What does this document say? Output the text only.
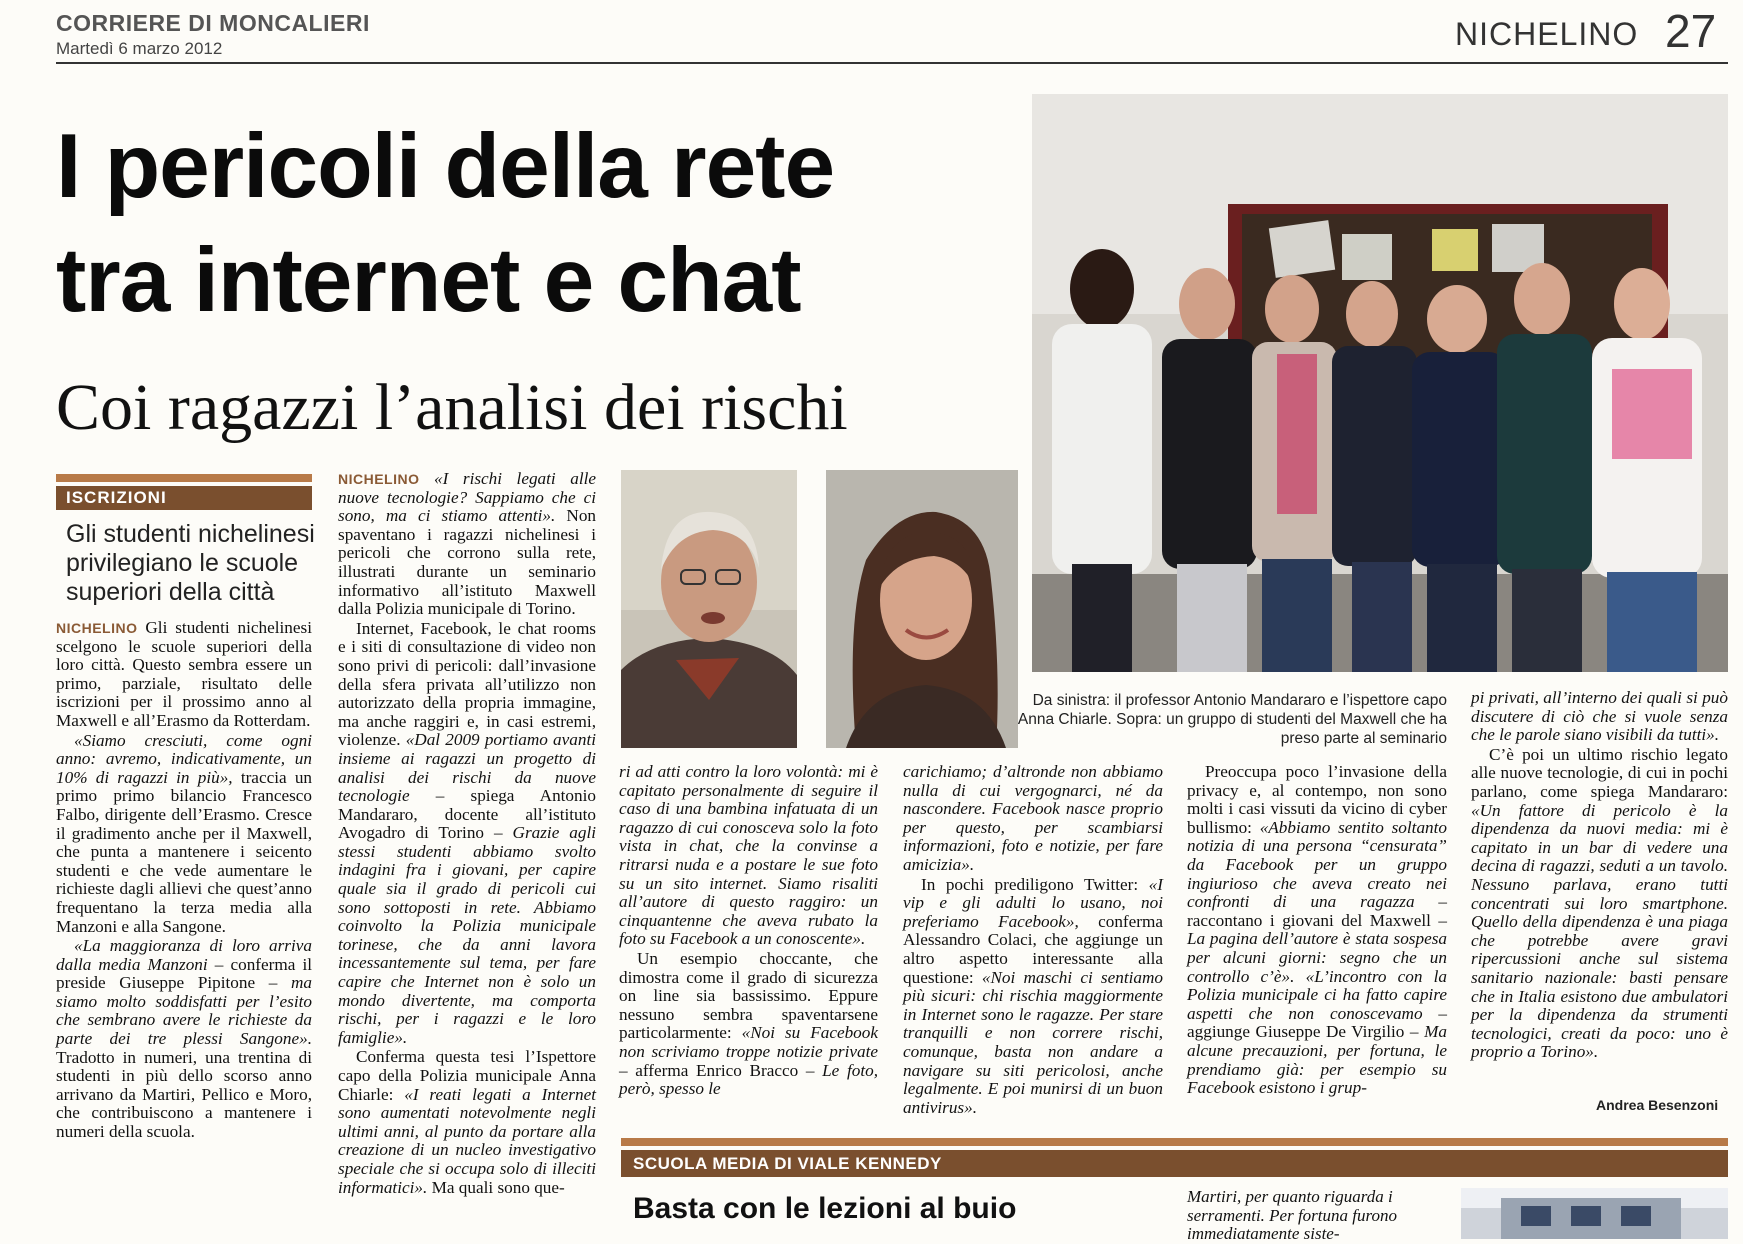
CORRIERE DI MONCALIERI
Martedì 6 marzo 2012	NICHELINO 27
I pericoli della rete
tra internet e chat
Coi ragazzi l’analisi dei rischi
ISCRIZIONI
Gli studenti nichelinesi privilegiano le scuole superiori della città

NICHELINO Gli studenti nichelinesi scelgono le scuole superiori della loro città. Questo sembra essere un primo, parziale, risultato delle iscrizioni per il prossimo anno al Maxwell e all’Erasmo da Rotterdam.

«Siamo cresciuti, come ogni anno: avremo, indicativamente, un 10% di ragazzi in più», traccia un primo primo bilancio Francesco Falbo, dirigente dell’Erasmo. Cresce il gradimento anche per il Maxwell, che punta a mantenere i seicento studenti e che vede aumentare le richieste dagli allievi che quest’anno frequentano la terza media alla Manzoni e alla Sangone.

«La maggioranza di loro arriva dalla media Manzoni – conferma il preside Giuseppe Pipitone – ma siamo molto soddisfatti per l’esito che sembrano avere le richieste da parte dei tre plessi Sangone». Tradotto in numeri, una trentina di studenti in più dello scorso anno arrivano da Martiri, Pellico e Moro, che contribuiscono a mantenere i numeri della scuola.

NICHELINO «I rischi legati alle nuove tecnologie? Sappiamo che ci sono, ma ci stiamo attenti». Non spaventano i ragazzi nichelinesi i pericoli che corrono sulla rete, illustrati durante un seminario informativo all’istituto Maxwell dalla Polizia municipale di Torino.

Internet, Facebook, le chat rooms e i siti di consultazione di video non sono privi di pericoli: dall’invasione della sfera privata all’utilizzo non autorizzato della propria immagine, ma anche raggiri e, in casi estremi, violenze. «Dal 2009 portiamo avanti insieme ai ragazzi un progetto di analisi dei rischi da nuove tecnologie – spiega Antonio Mandararo, docente all’istituto Avogadro di Torino – Grazie agli stessi studenti abbiamo svolto indagini fra i giovani, per capire quale sia il grado di pericoli cui sono sottoposti in rete. Abbiamo coinvolto la Polizia municipale torinese, che da anni lavora incessantemente sul tema, per fare capire che Internet non è solo un mondo divertente, ma comporta rischi, per i ragazzi e le loro famiglie».

Conferma questa tesi l’Ispettore capo della Polizia municipale Anna Chiarle: «I reati legati a Internet sono aumentati notevolmente negli ultimi anni, al punto da portare alla creazione di un nucleo investigativo speciale che si occupa solo di illeciti informatici». Ma quali sono que-

Da sinistra: il professor Antonio Mandararo e l’ispettore capo Anna Chiarle. Sopra: un gruppo di studenti del Maxwell che ha preso parte al seminario

ri ad atti contro la loro volontà: mi è capitato personalmente di seguire il caso di una bambina infatuata di un ragazzo di cui conosceva solo la foto vista in chat, che la convinse a ritrarsi nuda e a postare le sue foto su un sito internet. Siamo risaliti all’autore di questo raggiro: un cinquantenne che aveva rubato la foto su Facebook a un conoscente».

Un esempio choccante, che dimostra come il grado di sicurezza on line sia bassissimo. Eppure nessuno sembra spaventarsene particolarmente: «Noi su Facebook non scriviamo troppe notizie private – afferma Enrico Bracco – Le foto, però, spesso le

carichiamo; d’altronde non abbiamo nulla di cui vergognarci, né da nascondere. Facebook nasce proprio per questo, per scambiarsi informazioni, foto e notizie, per fare amicizia».

In pochi prediligono Twitter: «I vip e gli adulti lo usano, noi preferiamo Facebook», conferma Alessandro Colaci, che aggiunge un altro aspetto interessante alla questione: «Noi maschi ci sentiamo più sicuri: chi rischia maggiormente in Internet sono le ragazze. Per stare tranquilli e non correre rischi, comunque, basta non andare a navigare su siti pericolosi, anche legalmente. E poi munirsi di un buon antivirus».

Preoccupa poco l’invasione della privacy e, al contempo, non sono molti i casi vissuti da vicino di cyber bullismo: «Abbiamo sentito soltanto notizia di una persona “censurata” da Facebook per un gruppo ingiurioso che aveva creato nei confronti di una ragazza – raccontano i giovani del Maxwell – La pagina dell’autore è stata sospesa per alcuni giorni: segno che un controllo c’è». «L’incontro con la Polizia municipale ci ha fatto capire aspetti che non conoscevamo – aggiunge Giuseppe De Virgilio – Ma alcune precauzioni, per fortuna, le prendiamo già: per esempio su Facebook esistono i grup-

pi privati, all’interno dei quali si può discutere di ciò che si vuole senza che le parole siano visibili da tutti».

C’è poi un ultimo rischio legato alle nuove tecnologie, di cui in pochi parlano, come spiega Mandararo: «Un fattore di pericolo è la dipendenza da nuovi media: mi è capitato in un bar di vedere una decina di ragazzi, seduti a un tavolo. Nessuno parlava, erano tutti concentrati sui loro smartphone. Quello della dipendenza è una piaga che potrebbe avere gravi ripercussioni anche sul sistema sanitario nazionale: basti pensare che in Italia esistono due ambulatori per la dipendenza da strumenti tecnologici, creati da poco: uno è proprio a Torino».

Andrea Besenzoni
SCUOLA MEDIA DI VIALE KENNEDY
Basta con le lezioni al buio	Martiri, per quanto riguarda i serramenti. Per fortuna furono immediatamente siste-
